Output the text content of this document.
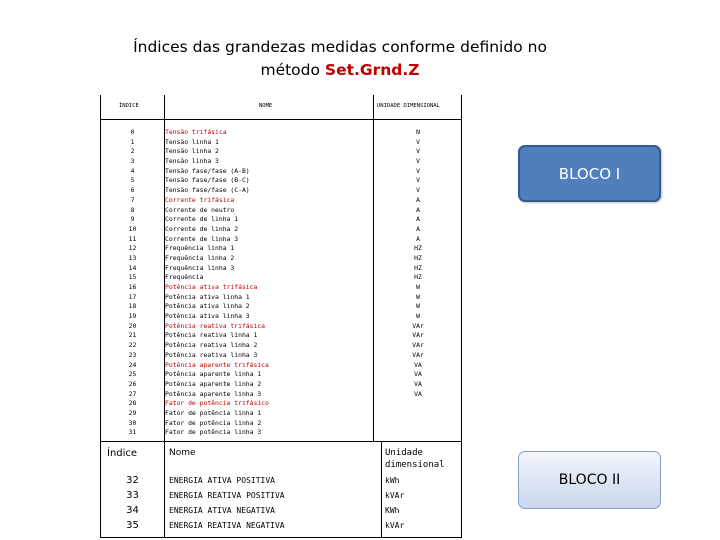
Índices das grandezas medidas conforme definido no
método Set.Grnd.Z
ÍNDICE	NOME	UNIDADE DIMENSIONAL
0	Tensão trifásica	N
1	Tensão linha 1	V
2	Tensão linha 2	V
3	Tensão linha 3	V
4	Tensão fase/fase (A-B)	V
5	Tensão fase/fase (B-C)	V
6	Tensão fase/fase (C-A)	V
7	Corrente trifásica	A
8	Corrente de neutro	A
9	Corrente de linha 1	A
10	Corrente de linha 2	A
11	Corrente de linha 3	A
12	Frequência linha 1	HZ
13	Frequência linha 2	HZ
14	Frequência linha 3	HZ
15	Frequência	HZ
16	Potência ativa trifásica	W
17	Potência ativa linha 1	W
18	Potência ativa linha 2	W
19	Potência ativa linha 3	W
20	Potência reativa trifásica	VAr
21	Potência reativa linha 1	VAr
22	Potência reativa linha 2	VAr
23	Potência reativa linha 3	VAr
24	Potência aparente trifásica	VA
25	Potência aparente linha 1	VA
26	Potência aparente linha 2	VA
27	Potência aparente linha 3	VA
28	Fator de potência trifásico
29	Fator de potência linha 1
30	Fator de potência linha 2
31	Fator de potência linha 3
Índice	Nome	Unidade dimensional
32	ENERGIA ATIVA POSITIVA	kWh
33	ENERGIA REATIVA POSITIVA	kVAr
34	ENERGIA ATIVA NEGATIVA	KWh
35	ENERGIA REATIVA NEGATIVA	kVAr
BLOCO I
BLOCO II
